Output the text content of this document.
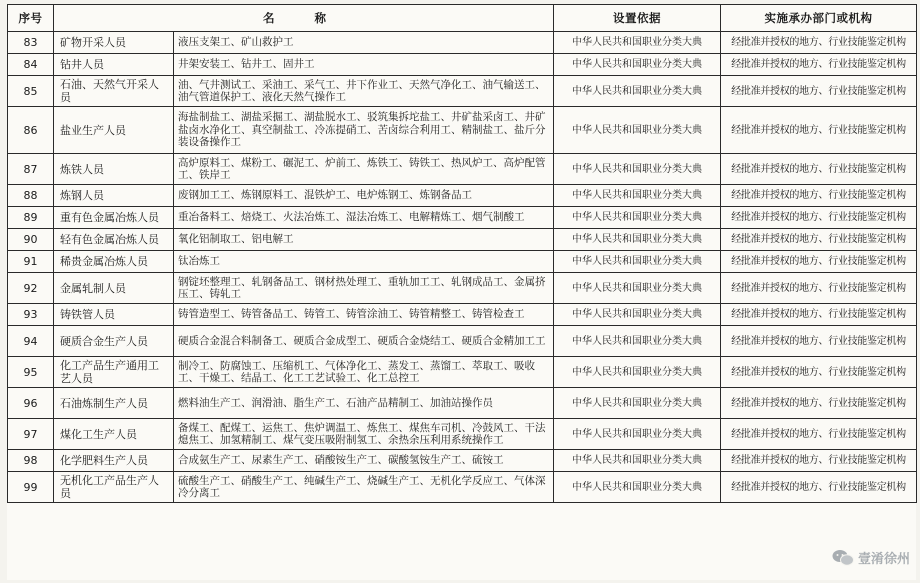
序号	名 称		设置依据	实施承办部门或机构
83	矿物开采人员	液压支架工、矿山救护工	中华人民共和国职业分类大典	经批准并授权的地方、行业技能鉴定机构
84	钻井人员	井架安装工、钻井工、固井工	中华人民共和国职业分类大典	经批准并授权的地方、行业技能鉴定机构
85	石油、天然气开采人员	油、气井测试工、采油工、采气工、井下作业工、天然气净化工、油气输送工、油气管道保护工、液化天然气操作工	中华人民共和国职业分类大典	经批准并授权的地方、行业技能鉴定机构
86	盐业生产人员	海盐制盐工、湖盐采掘工、湖盐脱水工、驳筑集拆坨盐工、井矿盐采卤工、井矿盐卤水净化工、真空制盐工、冷冻提硝工、苦卤综合利用工、精制盐工、盐斤分装设备操作工	中华人民共和国职业分类大典	经批准并授权的地方、行业技能鉴定机构
87	炼铁人员	高炉原料工、煤粉工、碾泥工、炉前工、炼铁工、铸铁工、热风炉工、高炉配管工、铁岸工	中华人民共和国职业分类大典	经批准并授权的地方、行业技能鉴定机构
88	炼钢人员	废钢加工工、炼钢原料工、混铁炉工、电炉炼钢工、炼钢备品工	中华人民共和国职业分类大典	经批准并授权的地方、行业技能鉴定机构
89	重有色金属冶炼人员	重冶备料工、焙烧工、火法冶炼工、湿法冶炼工、电解精炼工、烟气制酸工	中华人民共和国职业分类大典	经批准并授权的地方、行业技能鉴定机构
90	轻有色金属冶炼人员	氧化铝制取工、铝电解工	中华人民共和国职业分类大典	经批准并授权的地方、行业技能鉴定机构
91	稀贵金属冶炼人员	钛冶炼工	中华人民共和国职业分类大典	经批准并授权的地方、行业技能鉴定机构
92	金属轧制人员	钢锭坯整理工、轧钢备品工、钢材热处理工、重轨加工工、轧钢成品工、金属挤压工、铸轧工	中华人民共和国职业分类大典	经批准并授权的地方、行业技能鉴定机构
93	铸铁管人员	铸管造型工、铸管备品工、铸管工、铸管涂油工、铸管精整工、铸管检查工	中华人民共和国职业分类大典	经批准并授权的地方、行业技能鉴定机构
94	硬质合金生产人员	硬质合金混合料制备工、硬质合金成型工、硬质合金烧结工、硬质合金精加工工	中华人民共和国职业分类大典	经批准并授权的地方、行业技能鉴定机构
95	化工产品生产通用工艺人员	制冷工、防腐蚀工、压缩机工、气体净化工、蒸发工、蒸馏工、萃取工、吸收工、干燥工、结晶工、化工工艺试验工、化工总控工	中华人民共和国职业分类大典	经批准并授权的地方、行业技能鉴定机构
96	石油炼制生产人员	燃料油生产工、润滑油、脂生产工、石油产品精制工、加油站操作员	中华人民共和国职业分类大典	经批准并授权的地方、行业技能鉴定机构
97	煤化工生产人员	备煤工、配煤工、运焦工、焦炉调温工、炼焦工、煤焦车司机、冷鼓风工、干法熄焦工、加氢精制工、煤气变压吸附制氢工、余热余压利用系统操作工	中华人民共和国职业分类大典	经批准并授权的地方、行业技能鉴定机构
98	化学肥料生产人员	合成氨生产工、尿素生产工、硝酸铵生产工、碳酸氢铵生产工、硫铵工	中华人民共和国职业分类大典	经批准并授权的地方、行业技能鉴定机构
99	无机化工产品生产人员	硫酸生产工、硝酸生产工、纯碱生产工、烧碱生产工、无机化学反应工、气体深冷分离工	中华人民共和国职业分类大典	经批准并授权的地方、行业技能鉴定机构
壹淆徐州
